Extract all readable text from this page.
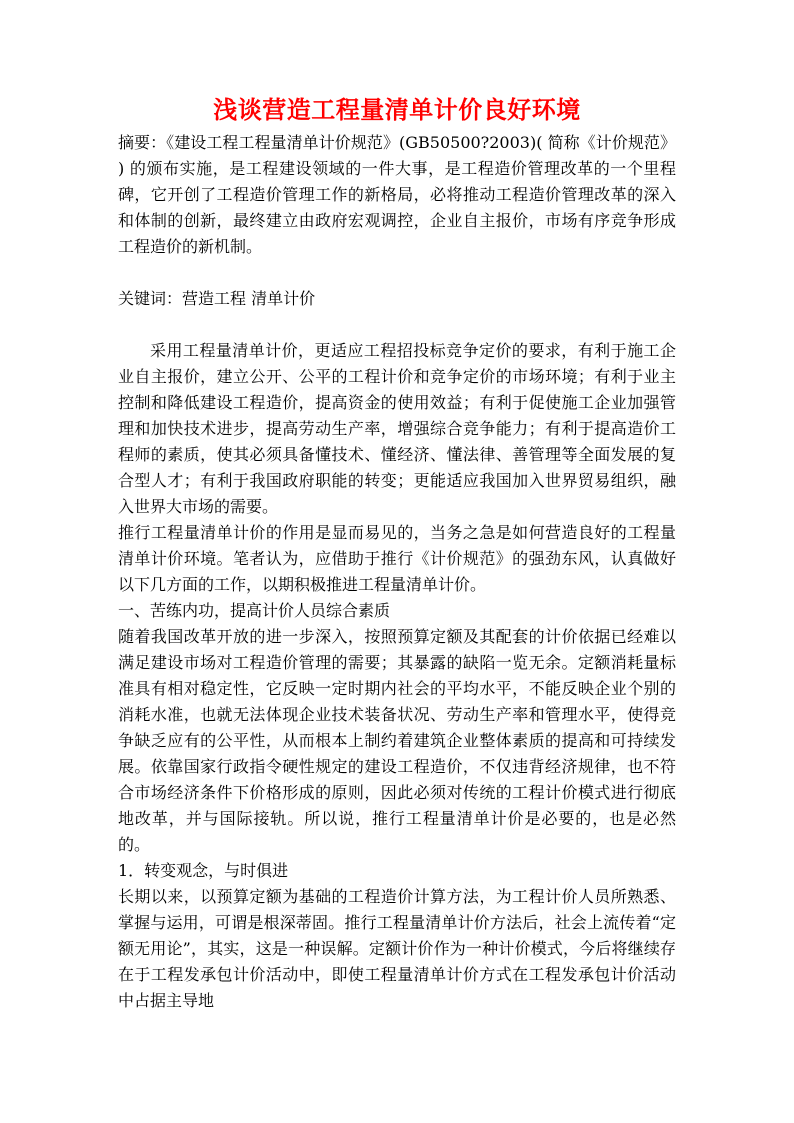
浅谈营造工程量清单计价良好环境

摘要：《建设工程工程量清单计价规范》(GB50500?2003)( 简称《计价规范》 ) 的颁布实施，是工程建设领域的一件大事，是工程造价管理改革的一个里程碑，它开创了工程造价管理工作的新格局，必将推动工程造价管理改革的深入和体制的创新，最终建立由政府宏观调控，企业自主报价，市场有序竞争形成工程造价的新机制。

关键词：营造工程 清单计价

采用工程量清单计价，更适应工程招投标竞争定价的要求，有利于施工企业自主报价，建立公开、公平的工程计价和竞争定价的市场环境；有利于业主控制和降低建设工程造价，提高资金的使用效益；有利于促使施工企业加强管理和加快技术进步，提高劳动生产率，增强综合竞争能力；有利于提高造价工程师的素质，使其必须具备懂技术、懂经济、懂法律、善管理等全面发展的复合型人才；有利于我国政府职能的转变；更能适应我国加入世界贸易组织，融入世界大市场的需要。

推行工程量清单计价的作用是显而易见的，当务之急是如何营造良好的工程量清单计价环境。笔者认为，应借助于推行《计价规范》的强劲东风，认真做好以下几方面的工作，以期积极推进工程量清单计价。

一、苦练内功，提高计价人员综合素质

随着我国改革开放的进一步深入，按照预算定额及其配套的计价依据已经难以满足建设市场对工程造价管理的需要；其暴露的缺陷一览无余。定额消耗量标准具有相对稳定性，它反映一定时期内社会的平均水平，不能反映企业个别的消耗水准，也就无法体现企业技术装备状况、劳动生产率和管理水平，使得竞争缺乏应有的公平性，从而根本上制约着建筑企业整体素质的提高和可持续发展。依靠国家行政指令硬性规定的建设工程造价，不仅违背经济规律，也不符合市场经济条件下价格形成的原则，因此必须对传统的工程计价模式进行彻底地改革，并与国际接轨。所以说，推行工程量清单计价是必要的，也是必然的。

1．转变观念，与时俱进

长期以来，以预算定额为基础的工程造价计算方法，为工程计价人员所熟悉、掌握与运用，可谓是根深蒂固。推行工程量清单计价方法后，社会上流传着“定额无用论”，其实，这是一种误解。定额计价作为一种计价模式，今后将继续存在于工程发承包计价活动中，即使工程量清单计价方式在工程发承包计价活动中占据主导地
